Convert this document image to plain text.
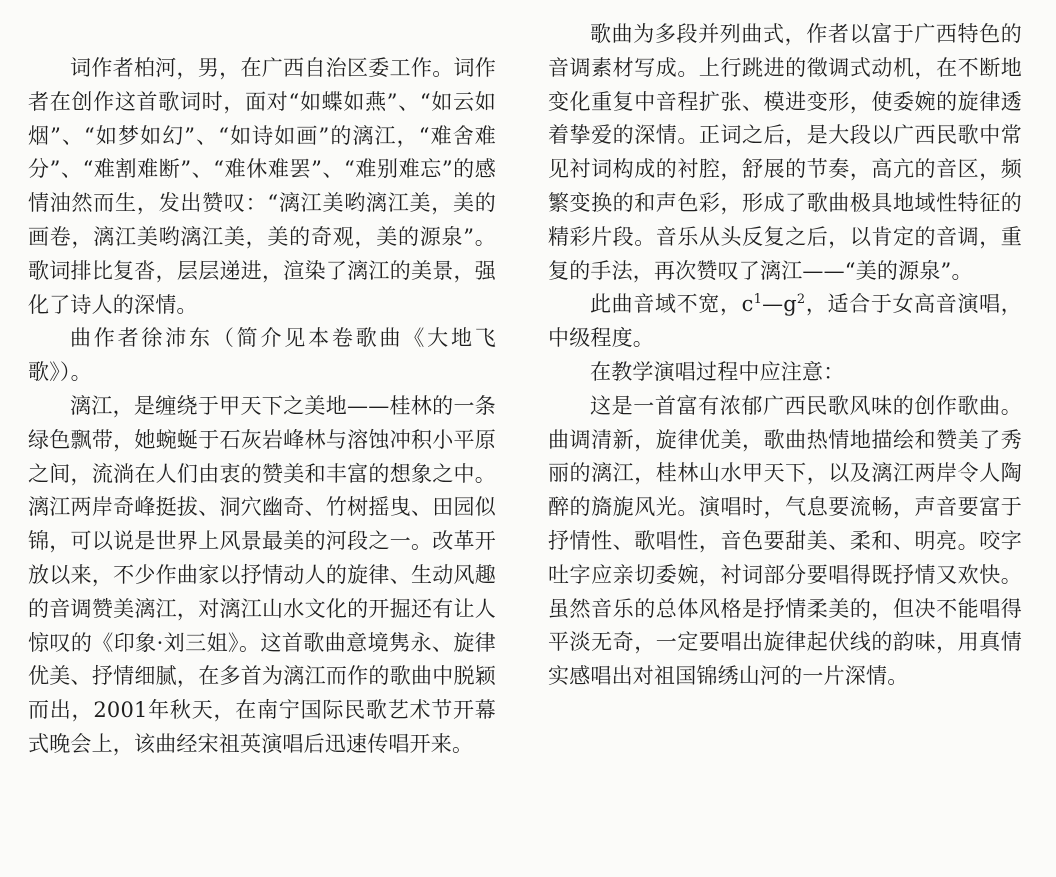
词作者柏河，男，在广西自治区委工作。词作者在创作这首歌词时，面对“如蝶如燕”、“如云如烟”、“如梦如幻”、“如诗如画”的漓江，“难舍难分”、“难割难断”、“难休难罢”、“难别难忘”的感情油然而生，发出赞叹：“漓江美哟漓江美，美的画卷，漓江美哟漓江美，美的奇观，美的源泉”。歌词排比复沓，层层递进，渲染了漓江的美景，强化了诗人的深情。

曲作者徐沛东（简介见本卷歌曲《大地飞歌》）。

漓江，是缠绕于甲天下之美地——桂林的一条绿色飘带，她蜿蜒于石灰岩峰林与溶蚀冲积小平原之间，流淌在人们由衷的赞美和丰富的想象之中。漓江两岸奇峰挺拔、洞穴幽奇、竹树摇曳、田园似锦，可以说是世界上风景最美的河段之一。改革开放以来，不少作曲家以抒情动人的旋律、生动风趣的音调赞美漓江，对漓江山水文化的开掘还有让人惊叹的《印象·刘三姐》。这首歌曲意境隽永、旋律优美、抒情细腻，在多首为漓江而作的歌曲中脱颖而出，2001年秋天，在南宁国际民歌艺术节开幕式晚会上，该曲经宋祖英演唱后迅速传唱开来。

歌曲为多段并列曲式，作者以富于广西特色的音调素材写成。上行跳进的徵调式动机，在不断地变化重复中音程扩张、模进变形，使委婉的旋律透着挚爱的深情。正词之后，是大段以广西民歌中常见衬词构成的衬腔，舒展的节奏，高亢的音区，频繁变换的和声色彩，形成了歌曲极具地域性特征的精彩片段。音乐从头反复之后，以肯定的音调，重复的手法，再次赞叹了漓江——“美的源泉”。

此曲音域不宽，$c^1—g^2$，适合于女高音演唱，中级程度。

在教学演唱过程中应注意：

这是一首富有浓郁广西民歌风味的创作歌曲。曲调清新，旋律优美，歌曲热情地描绘和赞美了秀丽的漓江，桂林山水甲天下，以及漓江两岸令人陶醉的旖旎风光。演唱时，气息要流畅，声音要富于抒情性、歌唱性，音色要甜美、柔和、明亮。咬字吐字应亲切委婉，衬词部分要唱得既抒情又欢快。虽然音乐的总体风格是抒情柔美的，但决不能唱得平淡无奇，一定要唱出旋律起伏线的韵味，用真情实感唱出对祖国锦绣山河的一片深情。
